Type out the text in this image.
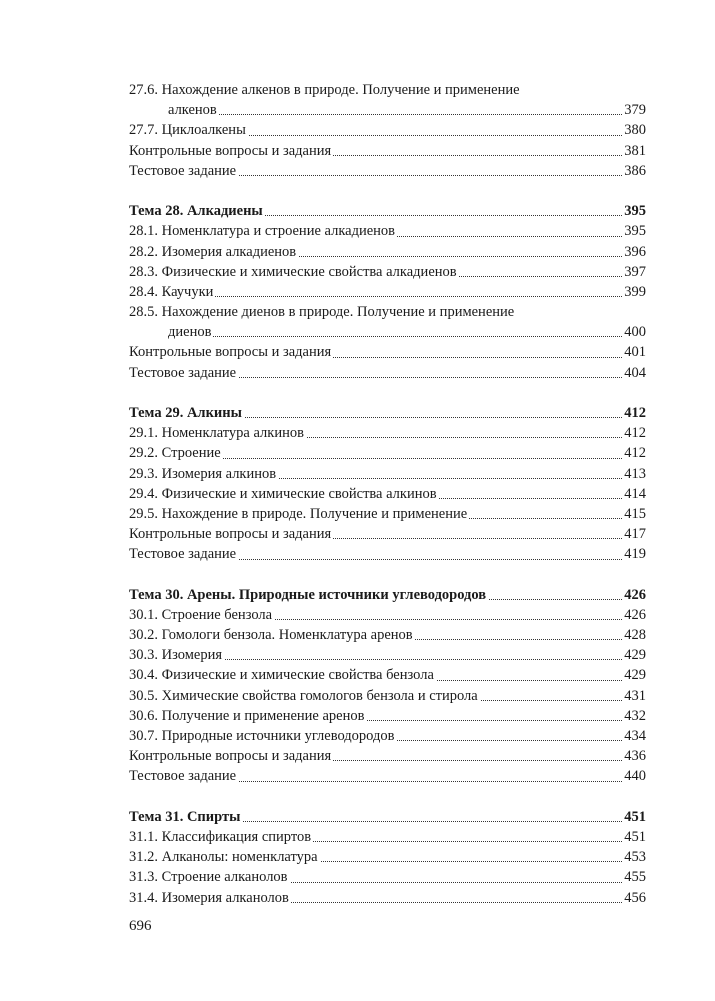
27.6. Нахождение алкенов в природе. Получение и применение
алкенов	379
27.7. Циклоалкены	380
Контрольные вопросы и задания	381
Тестовое задание	386
Тема 28. Алкадиены	395
28.1. Номенклатура и строение алкадиенов	395
28.2. Изомерия алкадиенов	396
28.3. Физические и химические свойства алкадиенов	397
28.4. Каучуки	399
28.5. Нахождение диенов в природе. Получение и применение
диенов	400
Контрольные вопросы и задания	401
Тестовое задание	404
Тема 29. Алкины	412
29.1. Номенклатура алкинов	412
29.2. Строение	412
29.3. Изомерия алкинов	413
29.4. Физические и химические свойства алкинов	414
29.5. Нахождение в природе. Получение и применение	415
Контрольные вопросы и задания	417
Тестовое задание	419
Тема 30. Арены. Природные источники углеводородов	426
30.1. Строение бензола	426
30.2. Гомологи бензола. Номенклатура аренов	428
30.3. Изомерия	429
30.4. Физические и химические свойства бензола	429
30.5. Химические свойства гомологов бензола и стирола	431
30.6. Получение и применение аренов	432
30.7. Природные источники углеводородов	434
Контрольные вопросы и задания	436
Тестовое задание	440
Тема 31. Спирты	451
31.1. Классификация спиртов	451
31.2. Алканолы: номенклатура	453
31.3. Строение алканолов	455
31.4. Изомерия алканолов	456
696
